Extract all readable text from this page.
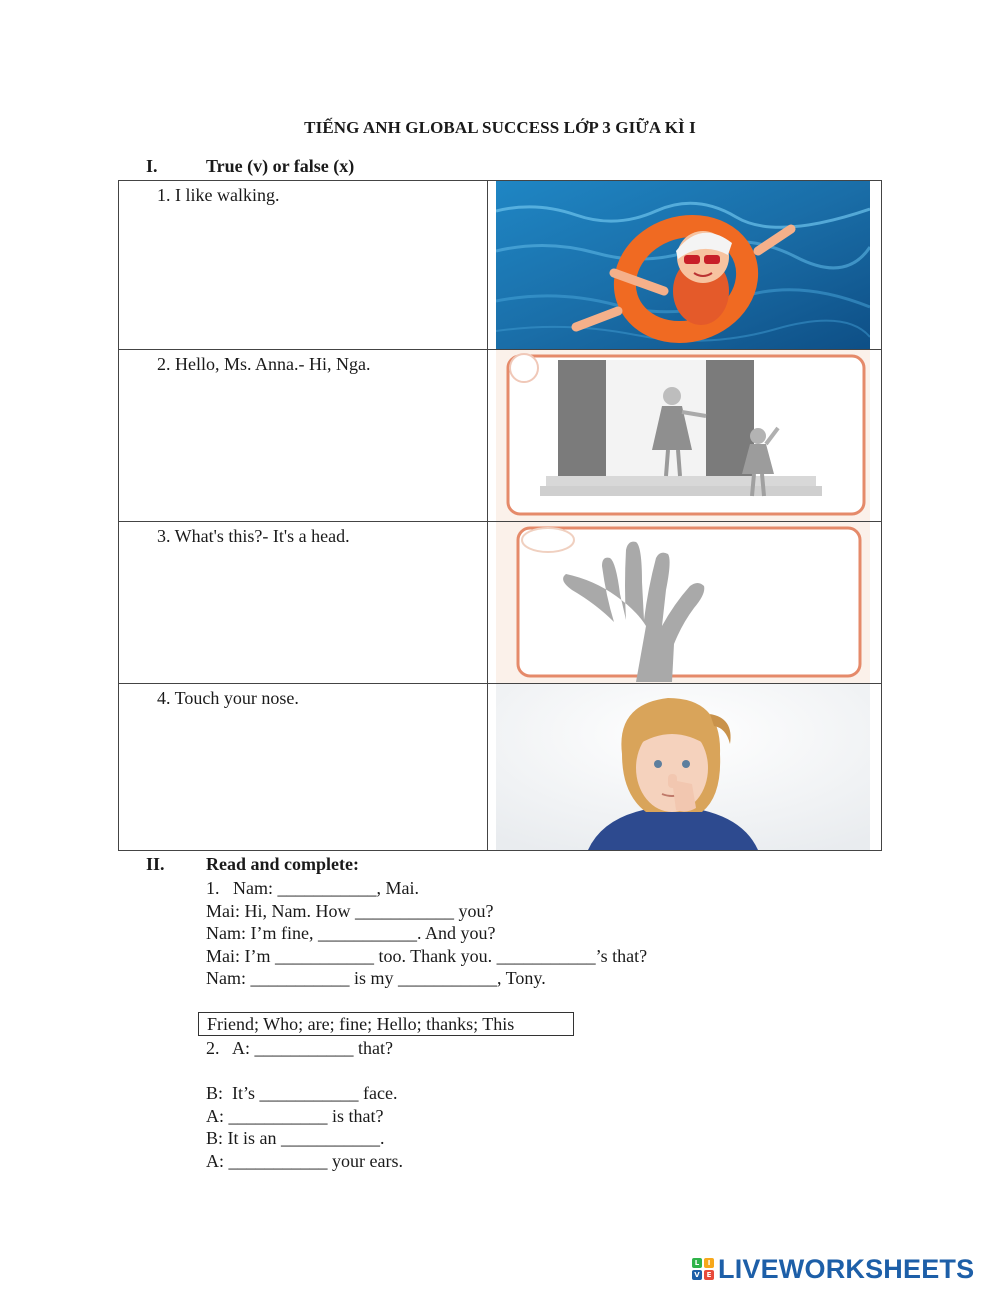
TIẾNG ANH GLOBAL SUCCESS LỚP 3 GIỮA KÌ I
I.	True (v) or false (x)
1. I like walking.

2. Hello, Ms. Anna.- Hi, Nga.

3. What's this?- It's a head.

4. Touch your nose.

II. Read and complete:
1.   Nam: ___________, Mai.
Mai: Hi, Nam. How ___________ you?
Nam: I’m fine, ___________. And you?
Mai: I’m ___________ too. Thank you. ___________’s that?
Nam: ___________ is my ___________, Tony.
Friend; Who; are; fine; Hello; thanks; This
2.   A: ___________ that?
B:  It’s ___________ face.
A: ___________ is that?
B: It is an ___________.
A: ___________ your ears.
L	I
V E LIVEWORKSHEETS
